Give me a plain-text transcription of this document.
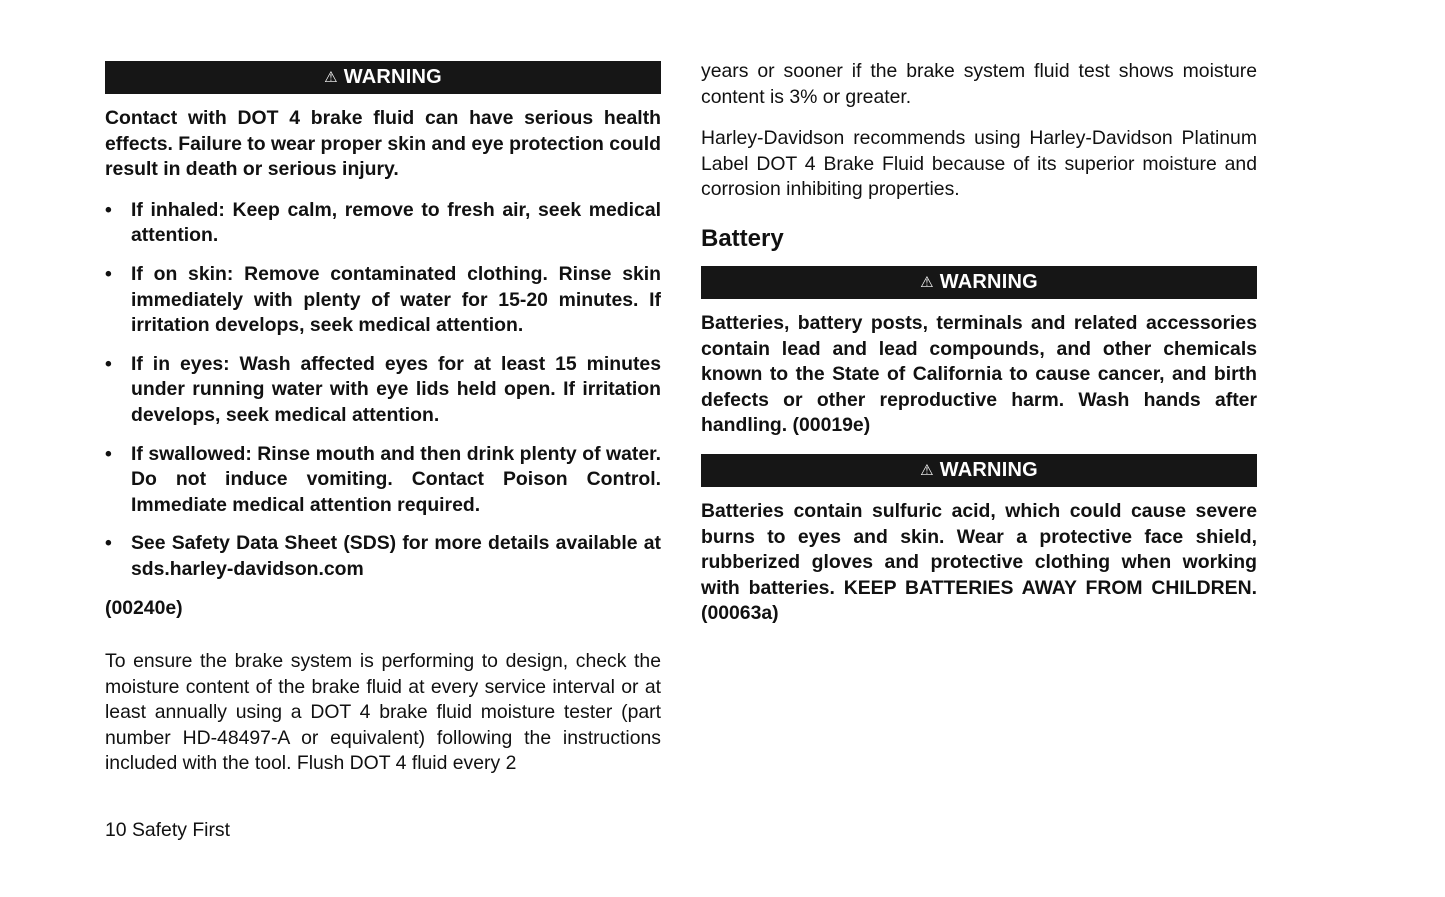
⚠ WARNING

Contact with DOT 4 brake fluid can have serious health effects. Failure to wear proper skin and eye protection could result in death or serious injury.

• If inhaled: Keep calm, remove to fresh air, seek medical attention.
• If on skin: Remove contaminated clothing. Rinse skin immediately with plenty of water for 15-20 minutes. If irritation develops, seek medical attention.
• If in eyes: Wash affected eyes for at least 15 minutes under running water with eye lids held open. If irritation develops, seek medical attention.
• If swallowed: Rinse mouth and then drink plenty of water. Do not induce vomiting. Contact Poison Control. Immediate medical attention required.
• See Safety Data Sheet (SDS) for more details available at sds.harley-davidson.com

(00240e)

To ensure the brake system is performing to design, check the moisture content of the brake fluid at every service interval or at least annually using a DOT 4 brake fluid moisture tester (part number HD-48497-A or equivalent) following the instructions included with the tool. Flush DOT 4 fluid every 2

years or sooner if the brake system fluid test shows moisture content is 3% or greater.

Harley-Davidson recommends using Harley-Davidson Platinum Label DOT 4 Brake Fluid because of its superior moisture and corrosion inhibiting properties.

Battery

⚠ WARNING

Batteries, battery posts, terminals and related accessories contain lead and lead compounds, and other chemicals known to the State of California to cause cancer, and birth defects or other reproductive harm. Wash hands after handling. (00019e)

⚠ WARNING

Batteries contain sulfuric acid, which could cause severe burns to eyes and skin. Wear a protective face shield, rubberized gloves and protective clothing when working with batteries. KEEP BATTERIES AWAY FROM CHILDREN. (00063a)

10 Safety First
